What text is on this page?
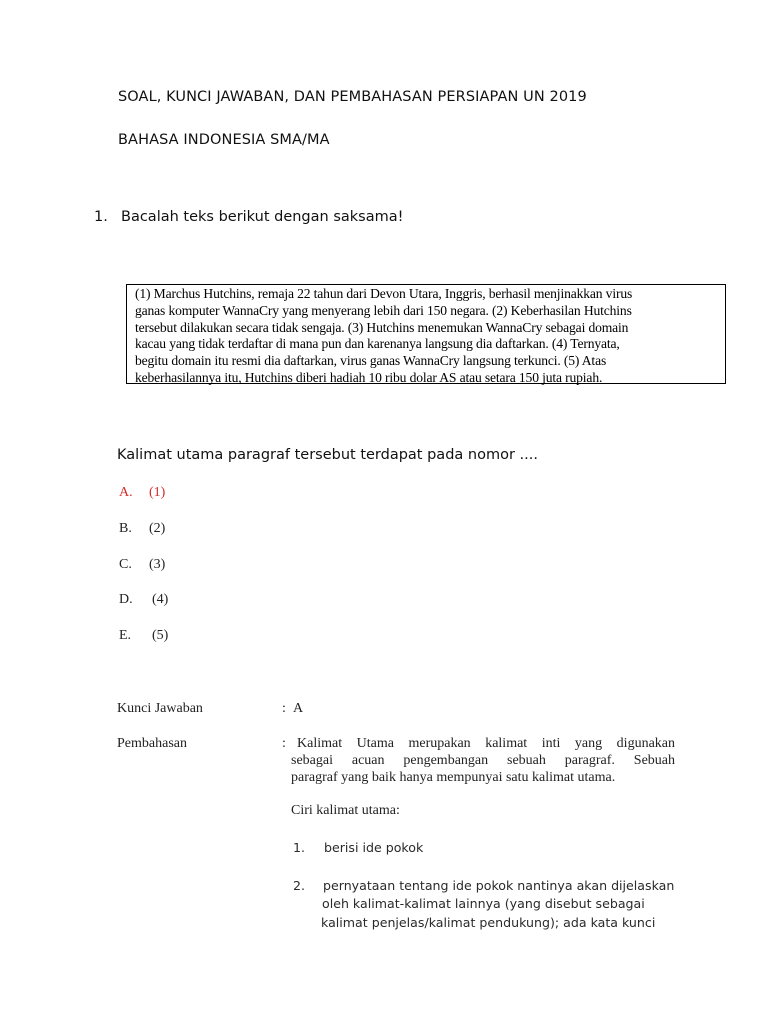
SOAL, KUNCI JAWABAN, DAN PEMBAHASAN PERSIAPAN UN 2019
BAHASA INDONESIA SMA/MA
1. Bacalah teks berikut dengan saksama!
(1) Marchus Hutchins, remaja 22 tahun dari Devon Utara, Inggris, berhasil menjinakkan virus
ganas komputer WannaCry yang menyerang lebih dari 150 negara. (2) Keberhasilan Hutchins
tersebut dilakukan secara tidak sengaja. (3) Hutchins menemukan WannaCry sebagai domain
kacau yang tidak terdaftar di mana pun dan karenanya langsung dia daftarkan. (4) Ternyata,
begitu domain itu resmi dia daftarkan, virus ganas WannaCry langsung terkunci. (5) Atas
keberhasilannya itu, Hutchins diberi hadiah 10 ribu dolar AS atau setara 150 juta rupiah.
Kalimat utama paragraf tersebut terdapat pada nomor ....
A. (1)
B. (2)
C. (3)
D. (4)
E. (5)
Kunci Jawaban	: A
Pembahasan	: Kalimat Utama merupakan kalimat inti yang digunakan
sebagai acuan pengembangan sebuah paragraf. Sebuah
paragraf yang baik hanya mempunyai satu kalimat utama.
Ciri kalimat utama:
1. berisi ide pokok
2. pernyataan tentang ide pokok nantinya akan dijelaskan
oleh kalimat-kalimat lainnya (yang disebut sebagai
kalimat penjelas/kalimat pendukung); ada kata kunci
